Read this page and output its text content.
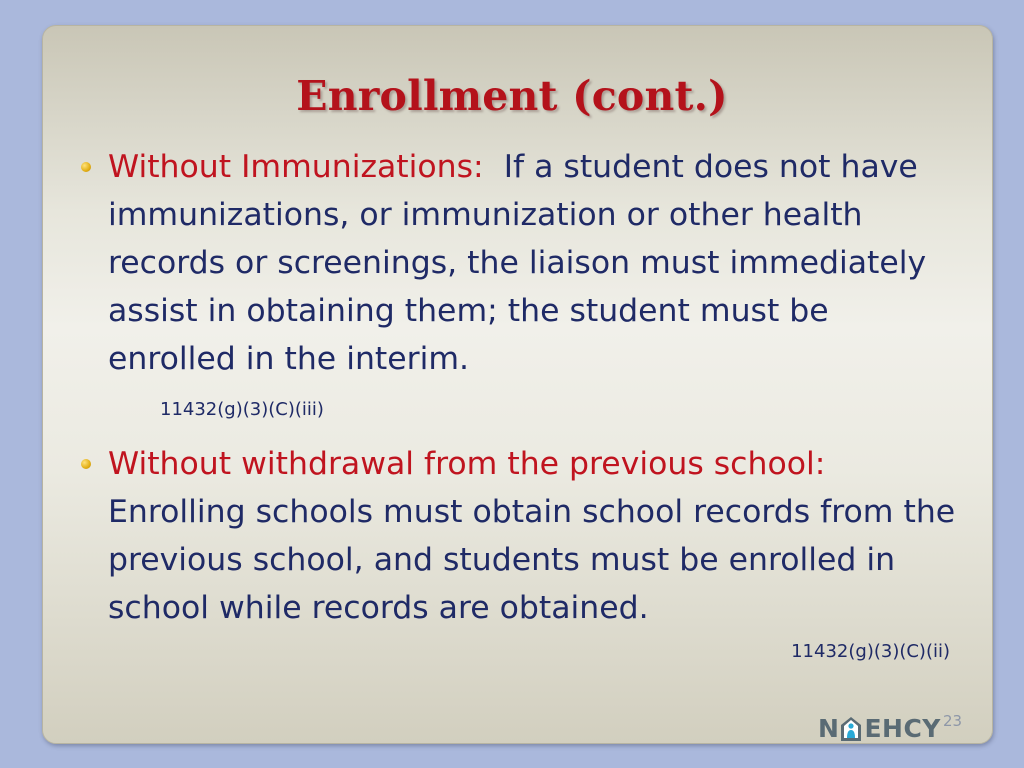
Enrollment (cont.)

Without Immunizations: If a student does not have immunizations, or immunization or other health records or screenings, the liaison must immediately assist in obtaining them; the student must be enrolled in the interim.

11432(g)(3)(C)(iii)

Without withdrawal from the previous school: Enrolling schools must obtain school records from the previous school, and students must be enrolled in school while records are obtained.

11432(g)(3)(C)(ii)

N EHCY 23
